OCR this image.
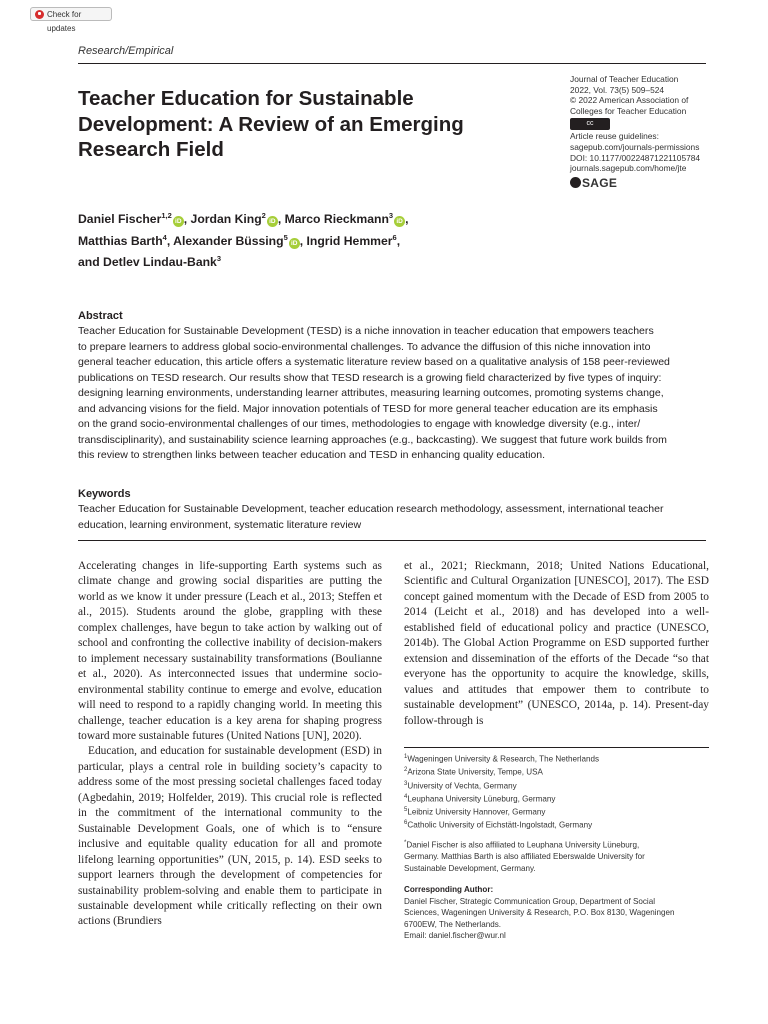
Check for updates
Research/Empirical
Teacher Education for Sustainable Development: A Review of an Emerging Research Field
Journal of Teacher Education
2022, Vol. 73(5) 509–524
© 2022 American Association of
Colleges for Teacher Education
cc
Article reuse guidelines:
sagepub.com/journals-permissions
DOI: 10.1177/00224871221105784
journals.sagepub.com/home/jte
SAGE
Daniel Fischer$^{1,2}$iD , Jordan King$^2$iD , Marco Rieckmann$^3$iD ,
Matthias Barth$^4$, Alexander Büssing$^5$iD , Ingrid Hemmer$^6$,
and Detlev Lindau-Bank$^3$
Abstract
Teacher Education for Sustainable Development (TESD) is a niche innovation in teacher education that empowers teachers
to prepare learners to address global socio-environmental challenges. To advance the diffusion of this niche innovation into
general teacher education, this article offers a systematic literature review based on a qualitative analysis of 158 peer-reviewed
publications on TESD research. Our results show that TESD research is a growing field characterized by five types of inquiry:
designing learning environments, understanding learner attributes, measuring learning outcomes, promoting systems change,
and advancing visions for the field. Major innovation potentials of TESD for more general teacher education are its emphasis
on the grand socio-environmental challenges of our times, methodologies to engage with knowledge diversity (e.g., inter/
transdisciplinarity), and sustainability science learning approaches (e.g., backcasting). We suggest that future work builds from
this review to strengthen links between teacher education and TESD in enhancing quality education.
Keywords
Teacher Education for Sustainable Development, teacher education research methodology, assessment, international teacher
education, learning environment, systematic literature review

Accelerating changes in life-supporting Earth systems such as climate change and growing social disparities are putting the world as we know it under pressure (Leach et al., 2013; Steffen et al., 2015). Students around the globe, grappling with these complex challenges, have begun to take action by walking out of school and confronting the collective inability of decision-makers to implement necessary sustainability transformations (Boulianne et al., 2020). As interconnected issues that undermine socio-environmental stability continue to emerge and evolve, education will need to respond to a rapidly changing world. In meeting this challenge, teacher education is a key arena for shaping progress toward more sustainable futures (United Nations [UN], 2020).

Education, and education for sustainable development (ESD) in particular, plays a central role in building society’s capacity to address some of the most pressing societal challenges faced today (Agbedahin, 2019; Holfelder, 2019). This crucial role is reflected in the commitment of the international community to the Sustainable Development Goals, one of which is to “ensure inclusive and equitable quality education for all and promote lifelong learning opportunities” (UN, 2015, p. 14). ESD seeks to support learners through the development of competencies for sustainability problem-solving and enable them to participate in sustainable development while critically reflecting on their own actions (Brundiers

et al., 2021; Rieckmann, 2018; United Nations Educational, Scientific and Cultural Organization [UNESCO], 2017). The ESD concept gained momentum with the Decade of ESD from 2005 to 2014 (Leicht et al., 2018) and has developed into a well-established field of educational policy and practice (UNESCO, 2014b). The Global Action Programme on ESD supported further extension and dissemination of the efforts of the Decade “so that everyone has the opportunity to acquire the knowledge, skills, values and attitudes that empower them to contribute to sustainable development” (UNESCO, 2014a, p. 14). Present-day follow-through is

$^1$Wageningen University & Research, The Netherlands
$^2$Arizona State University, Tempe, USA
$^3$University of Vechta, Germany
$^4$Leuphana University Lüneburg, Germany
$^5$Leibniz University Hannover, Germany
$^6$Catholic University of Eichstätt-Ingolstadt, Germany
*Daniel Fischer is also affiliated to Leuphana University Lüneburg,
Germany. Matthias Barth is also affiliated Eberswalde University for
Sustainable Development, Germany.
Corresponding Author:
Daniel Fischer, Strategic Communication Group, Department of Social
Sciences, Wageningen University & Research, P.O. Box 8130, Wageningen
6700EW, The Netherlands.
Email: daniel.fischer@wur.nl
